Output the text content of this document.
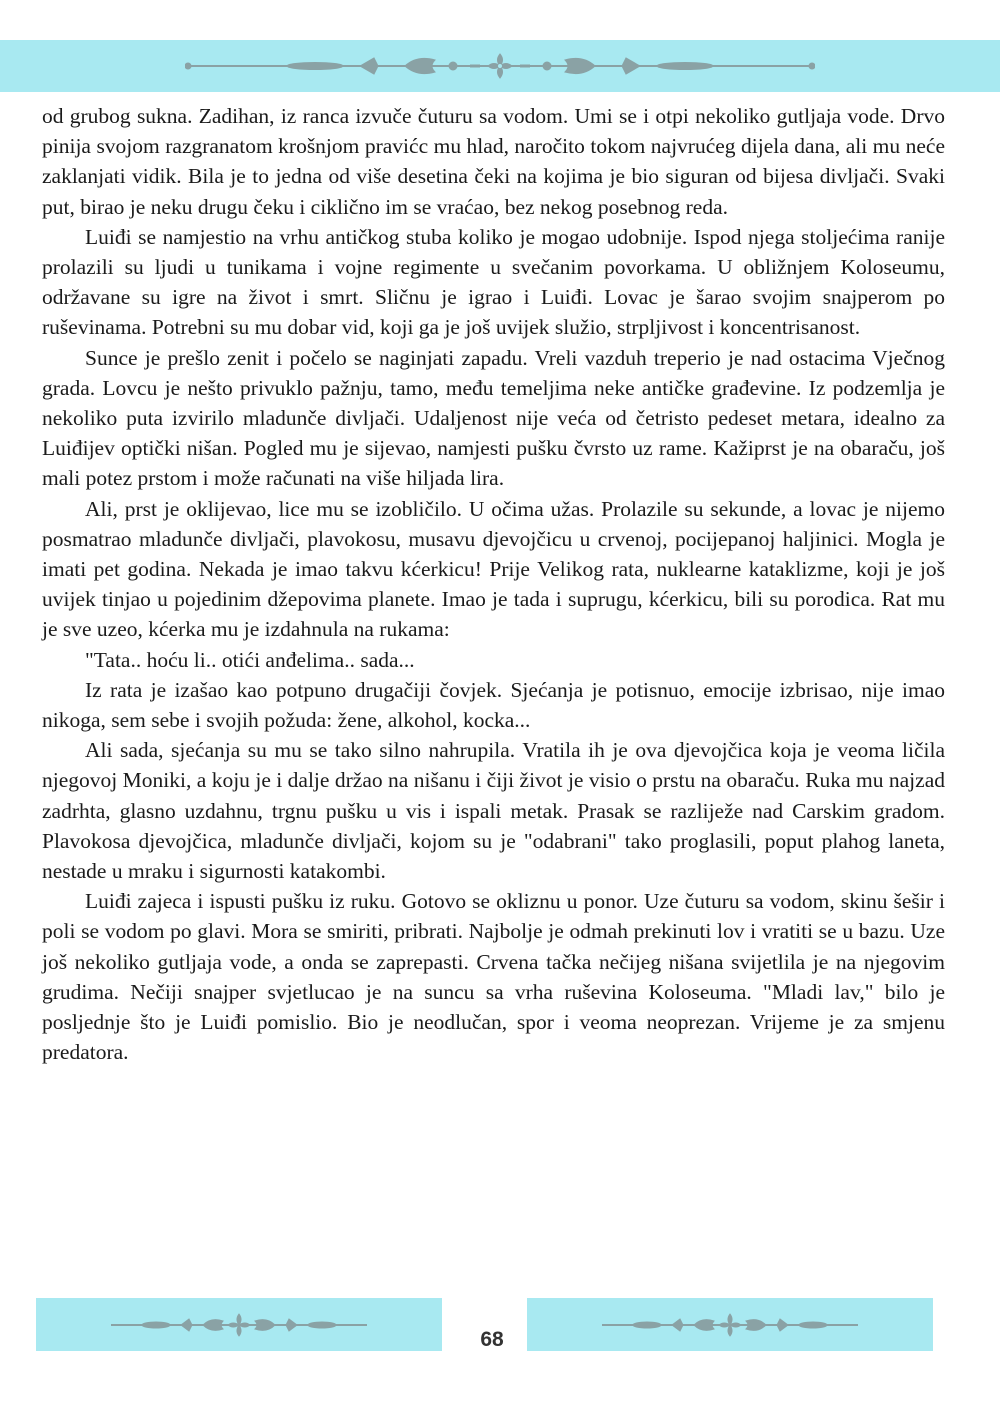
od grubog sukna. Zadihan, iz ranca izvuče čuturu sa vodom. Umi se i otpi nekoliko gutljaja vode. Drvo pinija svojom razgranatom krošnjom pravićc mu hlad, naročito tokom najvrućeg dijela dana, ali mu neće zaklanjati vidik. Bila je to jedna od više desetina čeki na kojima je bio siguran od bijesa divljači. Svaki put, birao je neku drugu čeku i ciklično im se vraćao, bez nekog posebnog reda.

Luiđi se namjestio na vrhu antičkog stuba koliko je mogao udobnije. Ispod njega stoljećima ranije prolazili su ljudi u tunikama i vojne regimente u svečanim povorkama. U obližnjem Koloseumu, održavane su igre na život i smrt. Sličnu je igrao i Luiđi. Lovac je šarao svojim snajperom po ruševinama. Potrebni su mu dobar vid, koji ga je još uvijek služio, strpljivost i koncentrisanost.

Sunce je prešlo zenit i počelo se naginjati zapadu. Vreli vazduh treperio je nad ostacima Vječnog grada. Lovcu je nešto privuklo pažnju, tamo, među temeljima neke antičke građevine. Iz podzemlja je nekoliko puta izvirilo mladunče divljači. Udaljenost nije veća od četristo pedeset metara, idealno za Luiđijev optički nišan. Pogled mu je sijevao, namjesti pušku čvrsto uz rame. Kažiprst je na obaraču, još mali potez prstom i može računati na više hiljada lira.

Ali, prst je oklijevao, lice mu se izobličilo. U očima užas. Prolazile su sekunde, a lovac je nijemo posmatrao mladunče divljači, plavokosu, musavu djevojčicu u crvenoj, pocijepanoj haljinici. Mogla je imati pet godina. Nekada je imao takvu kćerkicu! Prije Velikog rata, nuklearne kataklizme, koji je još uvijek tinjao u pojedinim džepovima planete. Imao je tada i suprugu, kćerkicu, bili su porodica. Rat mu je sve uzeo, kćerka mu je izdahnula na rukama:

"Tata.. hoću li.. otići anđelima.. sada...

Iz rata je izašao kao potpuno drugačiji čovjek. Sjećanja je potisnuo, emocije izbrisao, nije imao nikoga, sem sebe i svojih požuda: žene, alkohol, kocka...

Ali sada, sjećanja su mu se tako silno nahrupila. Vratila ih je ova djevojčica koja je veoma ličila njegovoj Moniki, a koju je i dalje držao na nišanu i čiji život je visio o prstu na obaraču. Ruka mu najzad zadrhta, glasno uzdahnu, trgnu pušku u vis i ispali metak. Prasak se razliježe nad Carskim gradom. Plavokosa djevojčica, mladunče divljači, kojom su je "odabrani" tako proglasili, poput plahog laneta, nestade u mraku i sigurnosti katakombi.

Luiđi zajeca i ispusti pušku iz ruku. Gotovo se okliznu u ponor. Uze čuturu sa vodom, skinu šešir i poli se vodom po glavi. Mora se smiriti, pribrati. Najbolje je odmah prekinuti lov i vratiti se u bazu. Uze još nekoliko gutljaja vode, a onda se zaprepasti. Crvena tačka nečijeg nišana svijetlila je na njegovim grudima. Nečiji snajper svjetlucao je na suncu sa vrha ruševina Koloseuma. "Mladi lav," bilo je posljednje što je Luiđi pomislio. Bio je neodlučan, spor i veoma neoprezan. Vrijeme je za smjenu predatora.

68
